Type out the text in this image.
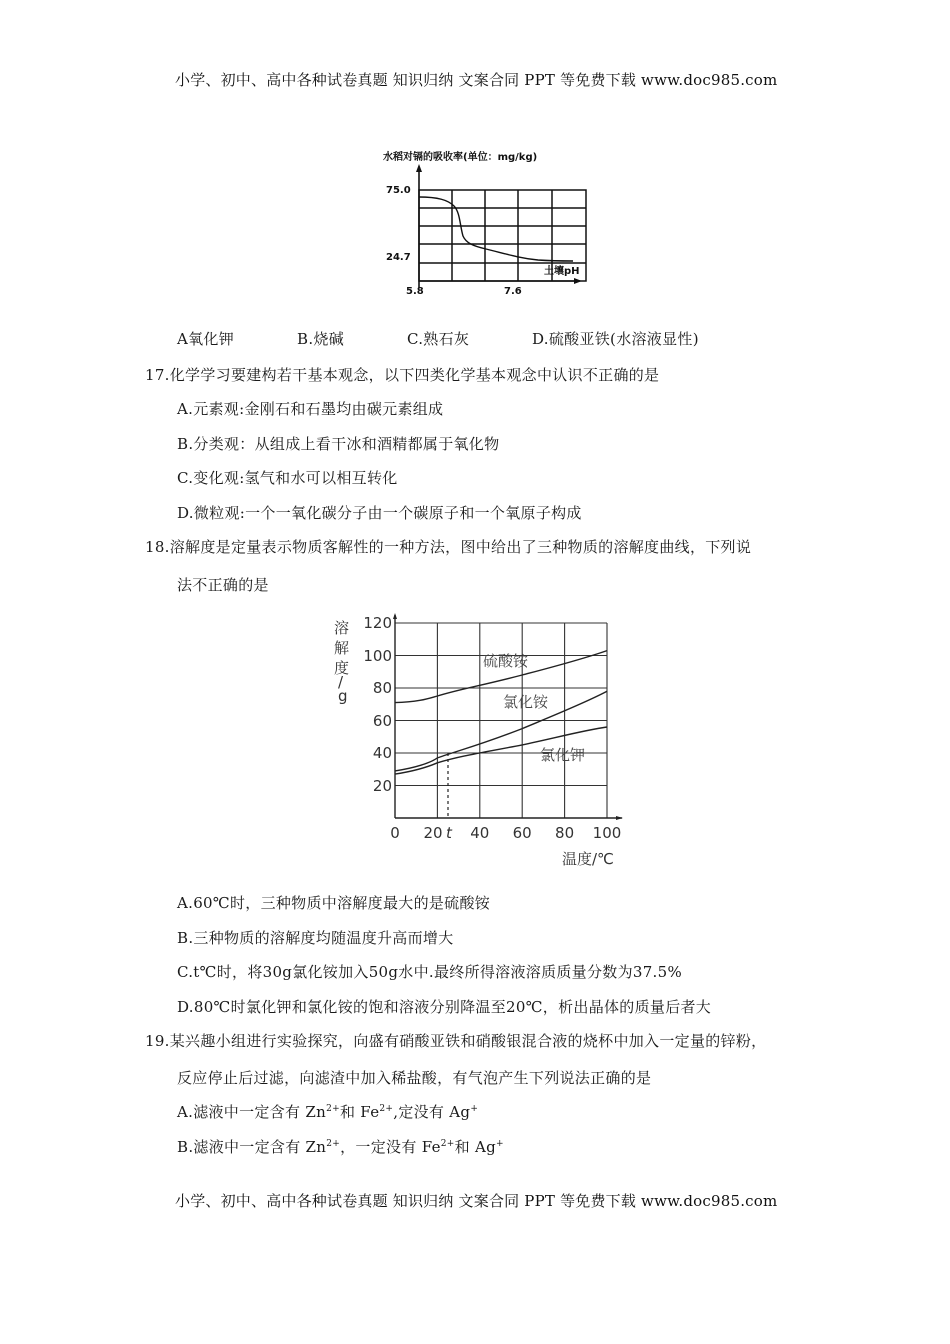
小学、初中、高中各种试卷真题 知识归纳 文案合同 PPT 等免费下载 www.doc985.com
水稻对镉的吸收率(单位：mg/kg)
75.0
24.7
5.8	7.6
土壤pH
A氧化钾	B.烧碱	C.熟石灰	D.硫酸亚铁(水溶液显性)
17.化学学习要建构若干基本观念，以下四类化学基本观念中认识不正确的是
A.元素观:金刚石和石墨均由碳元素组成
B.分类观：从组成上看干冰和酒精都属于氧化物
C.变化观:氢气和水可以相互转化
D.微粒观:一个一氧化碳分子由一个碳原子和一个氧原子构成
18.溶解度是定量表示物质客解性的一种方法，图中给出了三种物质的溶解度曲线，下列说
法不正确的是
溶
解
度
/
g
120
100
80
60
40
20
0 20 t 40 60 80 100
温度/℃
硫酸铵
氯化铵
氯化钾
A.60℃时，三种物质中溶解度最大的是硫酸铵
B.三种物质的溶解度均随温度升高而增大
C.t℃时，将30g氯化铵加入50g水中.最终所得溶液溶质质量分数为37.5%
D.80℃时氯化钾和氯化铵的饱和溶液分别降温至20℃，析出晶体的质量后者大
19.某兴趣小组进行实验探究，向盛有硝酸亚铁和硝酸银混合液的烧杯中加入一定量的锌粉，
反应停止后过滤，向滤渣中加入稀盐酸，有气泡产生下列说法正确的是
A.滤液中一定含有 $Zn^{2+}$和 $Fe^{2+}$,定没有 Ag+
B.滤液中一定含有 $Zn^{2+}$，一定没有 $Fe^{2+}$和 Ag+
小学、初中、高中各种试卷真题 知识归纳 文案合同 PPT 等免费下载 www.doc985.com
